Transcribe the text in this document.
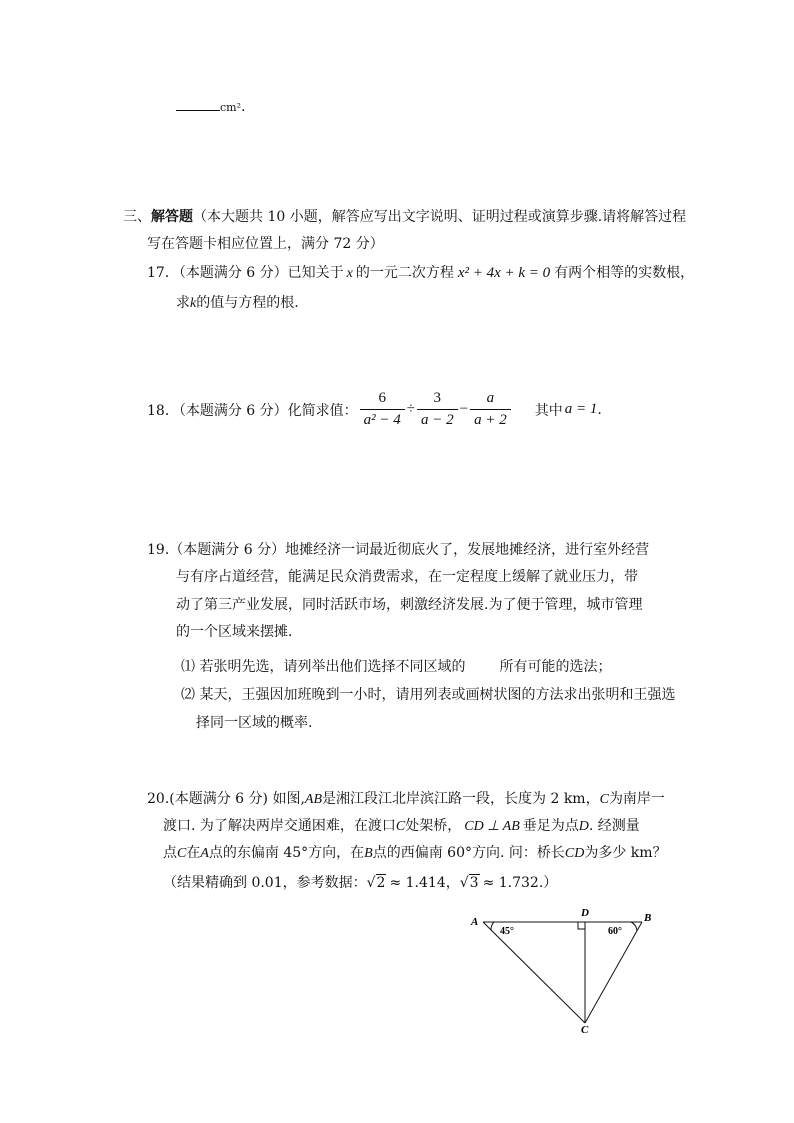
cm².
三、解答题（本大题共 10 小题，解答应写出文字说明、证明过程或演算步骤.请将解答过程
写在答题卡相应位置上，满分 72 分）
17．（本题满分 6 分）已知关于 x 的一元二次方程 x² + 4x + k = 0 有两个相等的实数根，
求k的值与方程的根.
18．（本题满分 6 分）化简求值： $\frac{6}{\text{a² − 4}} \div \frac{3}{a - 2} - \frac{a}{a + 2}$ 其中 a = 1 .
19.（本题满分 6 分）地摊经济一词最近彻底火了，发展地摊经济，进行室外经营
与有序占道经营，能满足民众消费需求，在一定程度上缓解了就业压力，带
动了第三产业发展，同时活跃市场，刺激经济发展.为了便于管理，城市管理
的一个区域来摆摊．
⑴ 若张明先选，请列举出他们选择不同区域的 所有可能的选法；
⑵ 某天，王强因加班晚到一小时，请用列表或画树状图的方法求出张明和王强选
择同一区域的概率.
20.(本题满分 6 分) 如图,AB是湘江段江北岸滨江路一段，长度为 2 km，C为南岸一
渡口. 为了解决两岸交通困难，在渡口C处架桥， CD ⊥ AB 垂足为点D. 经测量
点C在A点的东偏南 45°方向，在B点的西偏南 60°方向. 问：桥长CD为多少 km？
（结果精确到 0.01，参考数据：√2 ≈ 1.414，√3 ≈ 1.732.）
A	B
C
D
45°	60°
